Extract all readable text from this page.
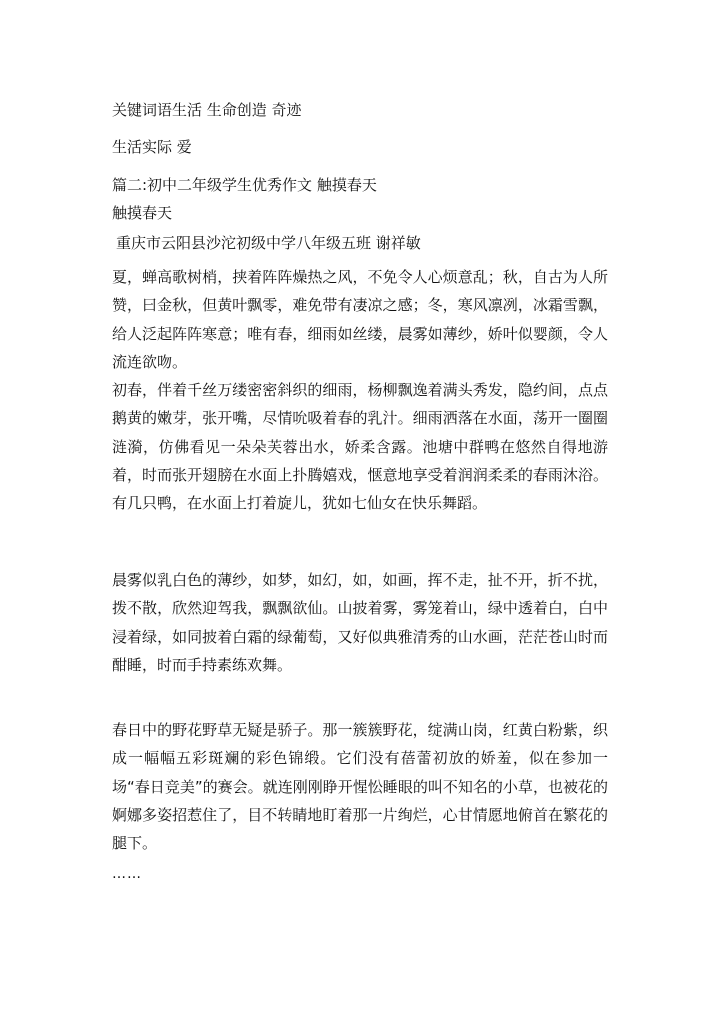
关键词语生活 生命创造 奇迹
生活实际 爱
篇二:初中二年级学生优秀作文 触摸春天
触摸春天
重庆市云阳县沙沱初级中学八年级五班 谢祥敏

夏，蝉高歌树梢，挟着阵阵燥热之风，不免令人心烦意乱；秋，自古为人所赞，曰金秋，但黄叶飘零，难免带有凄凉之感；冬，寒风凛冽，冰霜雪飘，给人泛起阵阵寒意；唯有春，细雨如丝缕，晨雾如薄纱，娇叶似婴颜，令人流连欲吻。

初春，伴着千丝万缕密密斜织的细雨，杨柳飘逸着满头秀发，隐约间，点点鹅黄的嫩芽，张开嘴，尽情吮吸着春的乳汁。细雨洒落在水面，荡开一圈圈涟漪，仿佛看见一朵朵芙蓉出水，娇柔含露。池塘中群鸭在悠然自得地游着，时而张开翅膀在水面上扑腾嬉戏，惬意地享受着润润柔柔的春雨沐浴。有几只鸭，在水面上打着旋儿，犹如七仙女在快乐舞蹈。

晨雾似乳白色的薄纱，如梦，如幻，如，如画，挥不走，扯不开，折不扰，拨不散，欣然迎驾我，飘飘欲仙。山披着雾，雾笼着山，绿中透着白，白中浸着绿，如同披着白霜的绿葡萄，又好似典雅清秀的山水画，茫茫苍山时而酣睡，时而手持素练欢舞。

春日中的野花野草无疑是骄子。那一簇簇野花，绽满山岗，红黄白粉紫，织成一幅幅五彩斑斓的彩色锦缎。它们没有蓓蕾初放的娇羞，似在参加一场“春日竞美”的赛会。就连刚刚睁开惺忪睡眼的叫不知名的小草，也被花的婀娜多姿招惹住了，目不转睛地盯着那一片绚烂，心甘情愿地俯首在繁花的腿下。

……
